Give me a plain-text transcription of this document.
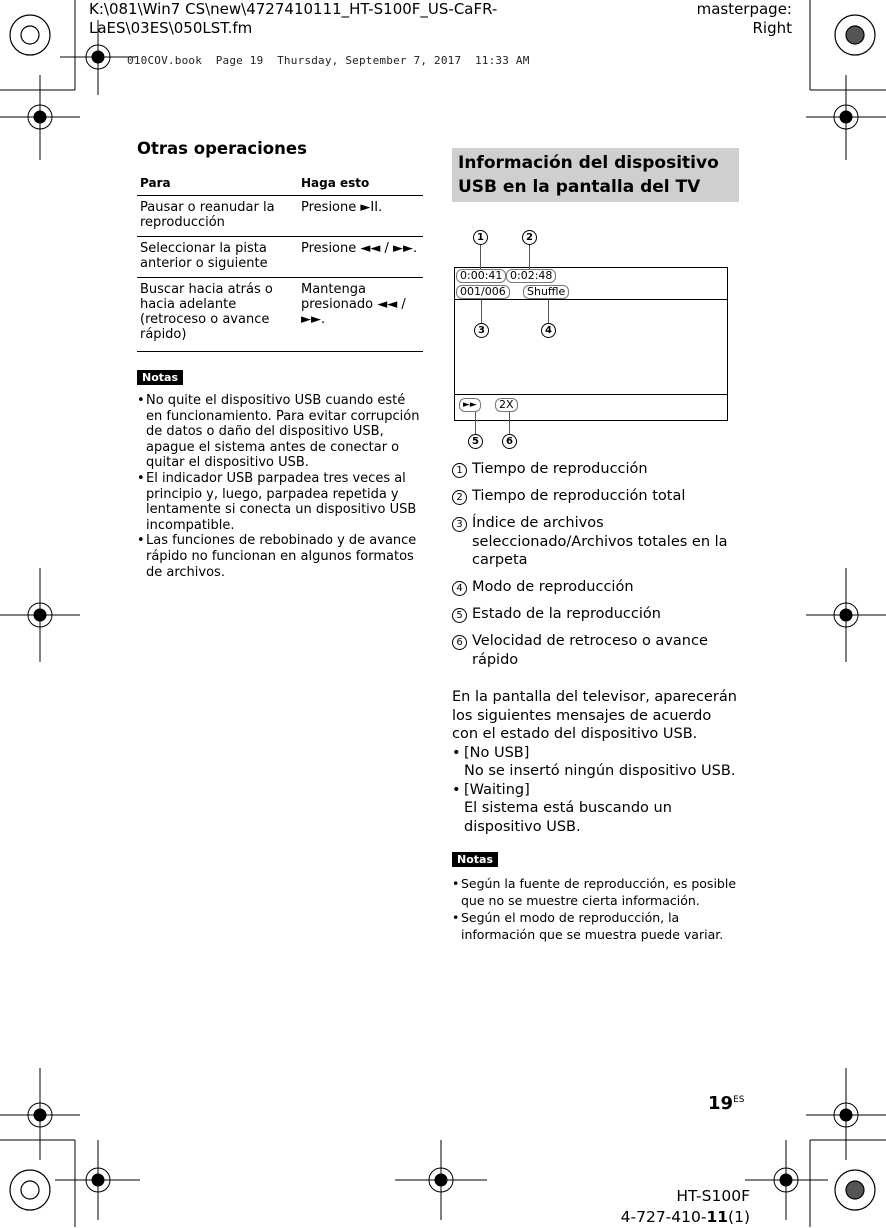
K:\081\Win7 CS\new\4727410111_HT-S100F_US-CaFR-
LaES\03ES\050LST.fm
masterpage:
Right
010COV.book  Page 19  Thursday, September 7, 2017  11:33 AM
Otras operaciones
Para	Haga esto
Pausar o reanudar la reproducción	Presione ►II.
Seleccionar la pista anterior o siguiente	Presione ◄◄ / ►►.
Buscar hacia atrás o hacia adelante (retroceso o avance rápido)	Mantenga presionado ◄◄ / ►►.
Notas
• No quite el dispositivo USB cuando esté en funcionamiento. Para evitar corrupción de datos o daño del dispositivo USB, apague el sistema antes de conectar o quitar el dispositivo USB.
• El indicador USB parpadea tres veces al principio y, luego, parpadea repetida y lentamente si conecta un dispositivo USB incompatible.
• Las funciones de rebobinado y de avance rápido no funcionan en algunos formatos de archivos.
Información del dispositivo USB en la pantalla del TV
0:00:41 0:02:48
001/006	Shuffle
►►	2X
1	2
3	4
5	6
1 Tiempo de reproducción
2 Tiempo de reproducción total
3 Índice de archivos seleccionado/Archivos totales en la carpeta
4 Modo de reproducción
5 Estado de la reproducción
6 Velocidad de retroceso o avance rápido
En la pantalla del televisor, aparecerán los siguientes mensajes de acuerdo con el estado del dispositivo USB.
• [No USB]
No se insertó ningún dispositivo USB.
• [Waiting]
El sistema está buscando un dispositivo USB.
Notas
• Según la fuente de reproducción, es posible que no se muestre cierta información.
• Según el modo de reproducción, la información que se muestra puede variar.
$19^{ES}$
HT-S100F
4-727-410-11(1)
